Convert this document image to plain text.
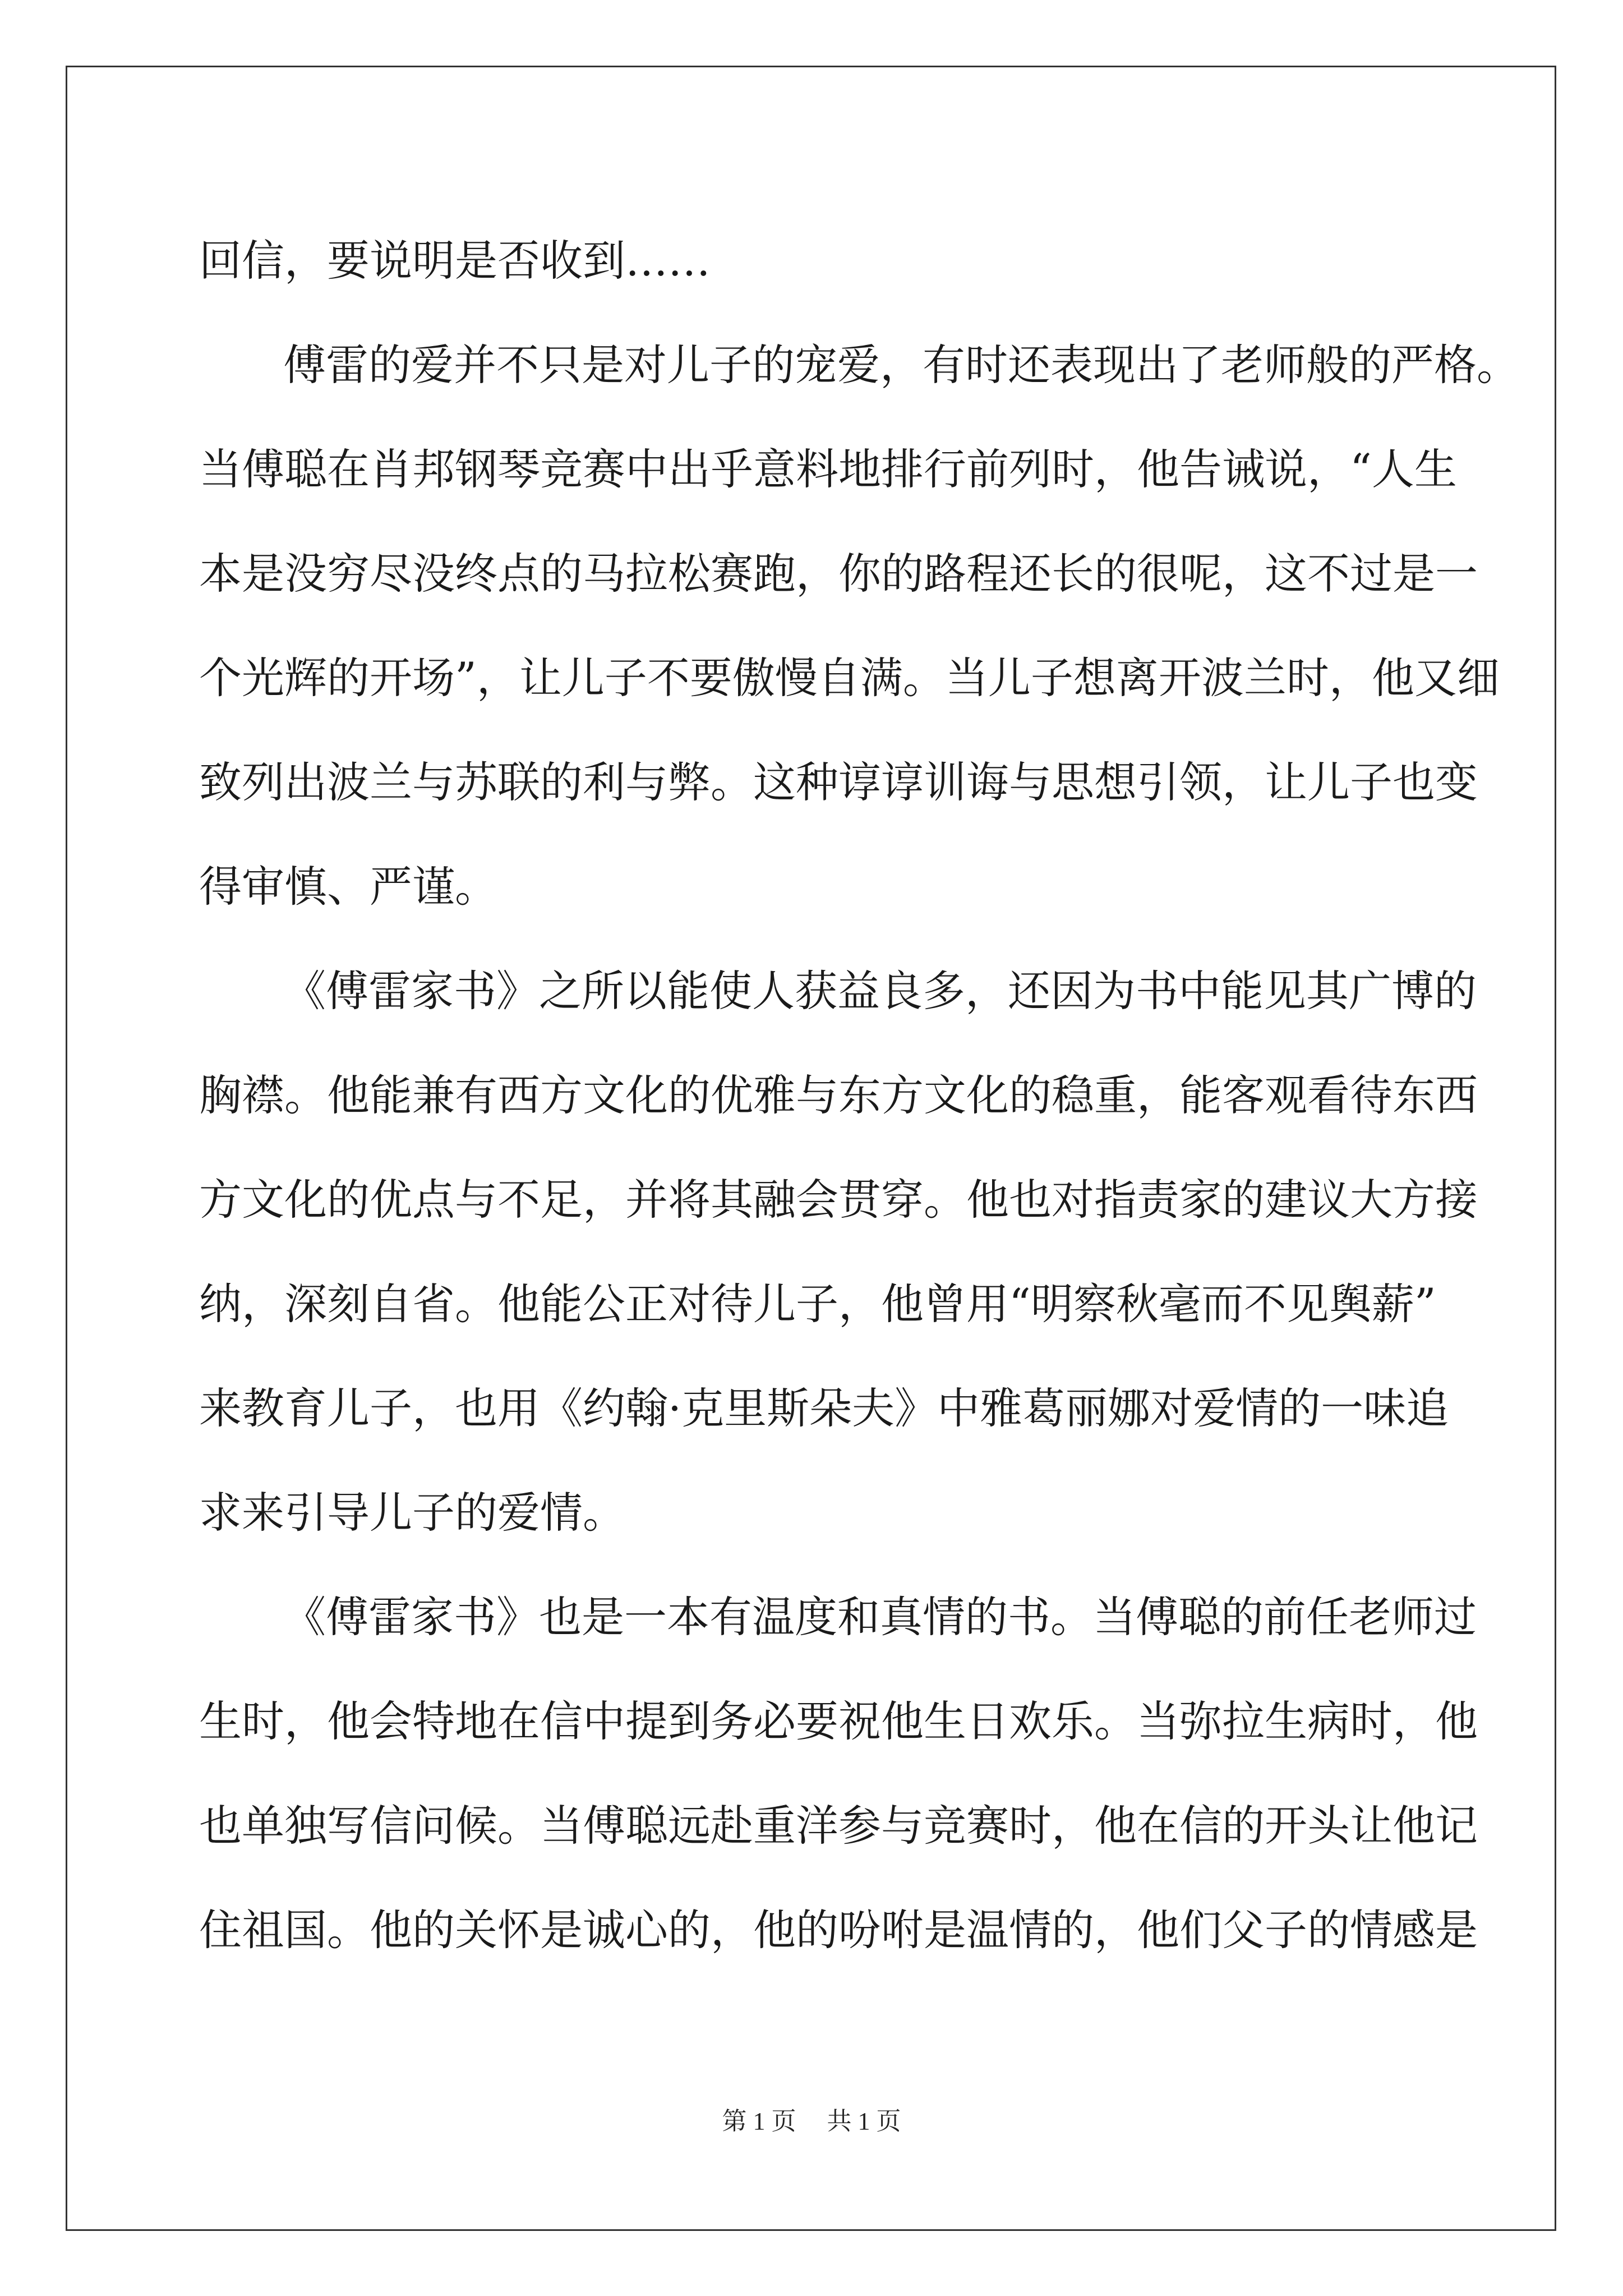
回信，要说明是否收到……
傅雷的爱并不只是对儿子的宠爱，有时还表现出了老师般的严格。
当傅聪在肖邦钢琴竞赛中出乎意料地排行前列时，他告诫说，“人生
本是没穷尽没终点的马拉松赛跑，你的路程还长的很呢，这不过是一
个光辉的开场”，让儿子不要傲慢自满。当儿子想离开波兰时，他又细
致列出波兰与苏联的利与弊。这种谆谆训诲与思想引领，让儿子也变
得审慎、严谨。
《傅雷家书》之所以能使人获益良多，还因为书中能见其广博的
胸襟。他能兼有西方文化的优雅与东方文化的稳重，能客观看待东西
方文化的优点与不足，并将其融会贯穿。他也对指责家的建议大方接
纳，深刻自省。他能公正对待儿子，他曾用“明察秋毫而不见舆薪”
来教育儿子，也用《约翰·克里斯朵夫》中雅葛丽娜对爱情的一味追
求来引导儿子的爱情。
《傅雷家书》也是一本有温度和真情的书。当傅聪的前任老师过
生时，他会特地在信中提到务必要祝他生日欢乐。当弥拉生病时，他
也单独写信问候。当傅聪远赴重洋参与竞赛时，他在信的开头让他记
住祖国。他的关怀是诚心的，他的吩咐是温情的，他们父子的情感是
第 1 页 共 1 页
